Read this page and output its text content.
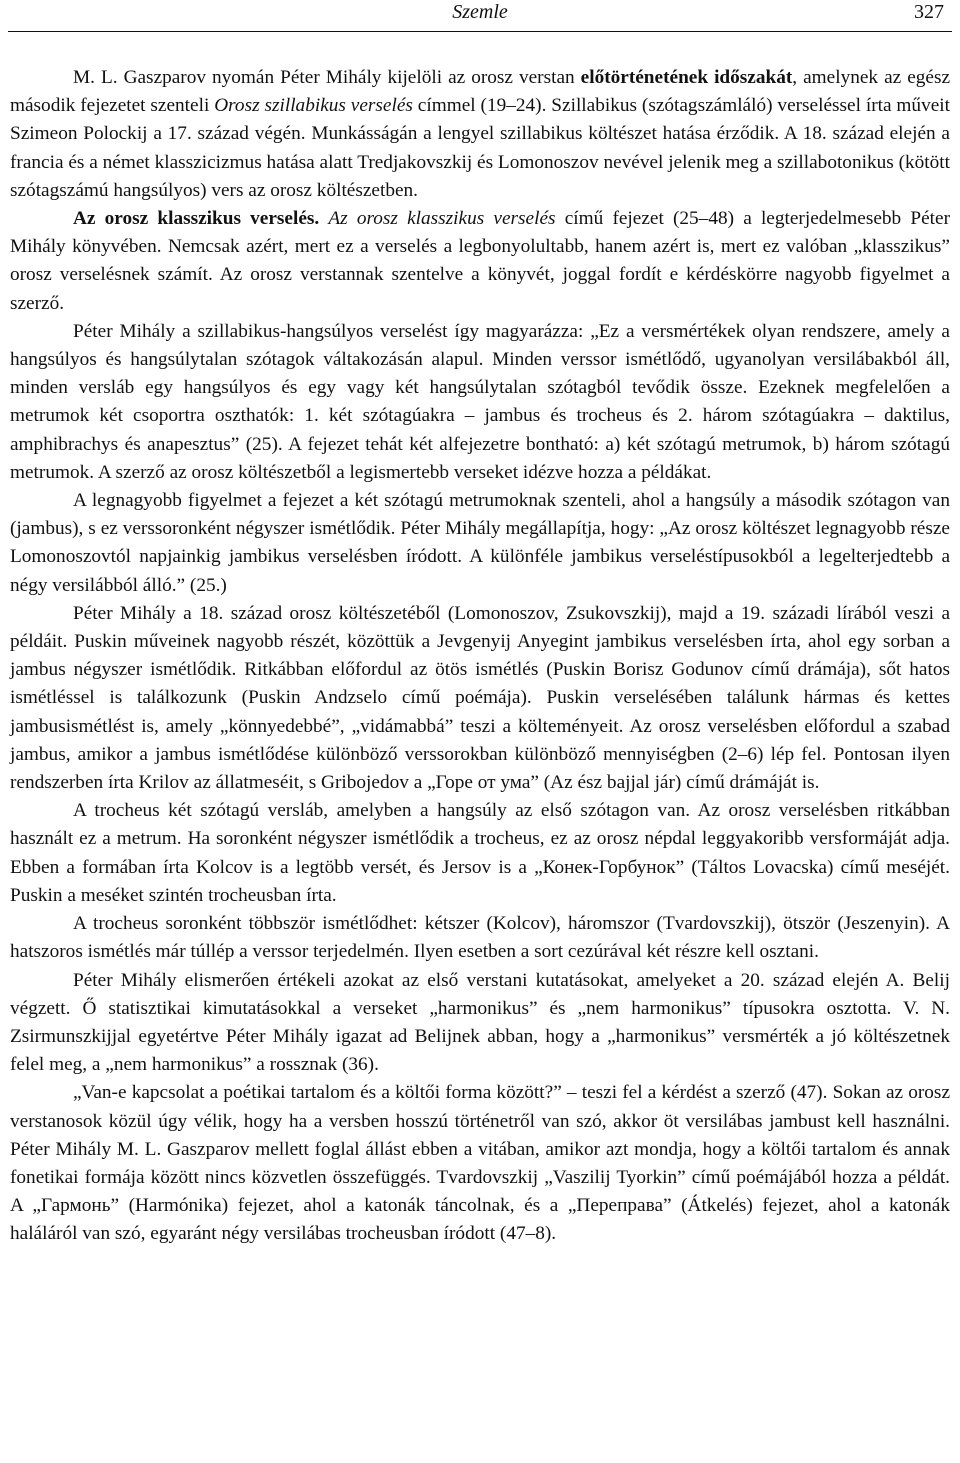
Szemle	327

M. L. Gaszparov nyomán Péter Mihály kijelöli az orosz verstan előtörténetének időszakát, amelynek az egész második fejezetet szenteli Orosz szillabikus verselés címmel (19–24). Szillabikus (szótagszámláló) verseléssel írta műveit Szimeon Polockij a 17. század végén. Munkásságán a lengyel szillabikus költészet hatása érződik. A 18. század elején a francia és a német klasszicizmus hatása alatt Tredjakovszkij és Lomonoszov nevével jelenik meg a szillabotonikus (kötött szótagszámú hangsúlyos) vers az orosz költészetben.

Az orosz klasszikus verselés. Az orosz klasszikus verselés című fejezet (25–48) a legterjedelmesebb Péter Mihály könyvében. Nemcsak azért, mert ez a verselés a legbonyolultabb, hanem azért is, mert ez valóban „klasszikus” orosz verselésnek számít. Az orosz verstannak szentelve a könyvét, joggal fordít e kérdéskörre nagyobb figyelmet a szerző.

Péter Mihály a szillabikus-hangsúlyos verselést így magyarázza: „Ez a versmértékek olyan rendszere, amely a hangsúlyos és hangsúlytalan szótagok váltakozásán alapul. Minden verssor ismétlődő, ugyanolyan versilábakból áll, minden versláb egy hangsúlyos és egy vagy két hangsúlytalan szótagból tevődik össze. Ezeknek megfelelően a metrumok két csoportra oszthatók: 1. két szótagúakra – jambus és trocheus és 2. három szótagúakra – daktilus, amphibrachys és anapesztus” (25). A fejezet tehát két alfejezetre bontható: a) két szótagú metrumok, b) három szótagú metrumok. A szerző az orosz költészetből a legismertebb verseket idézve hozza a példákat.

A legnagyobb figyelmet a fejezet a két szótagú metrumoknak szenteli, ahol a hangsúly a második szótagon van (jambus), s ez verssoronként négyszer ismétlődik. Péter Mihály megállapítja, hogy: „Az orosz költészet legnagyobb része Lomonoszovtól napjainkig jambikus verselésben íródott. A különféle jambikus verseléstípusokból a legelterjedtebb a négy versilábból álló.” (25.)

Péter Mihály a 18. század orosz költészetéből (Lomonoszov, Zsukovszkij), majd a 19. századi lírából veszi a példáit. Puskin műveinek nagyobb részét, közöttük a Jevgenyij Anyegint jambikus verselésben írta, ahol egy sorban a jambus négyszer ismétlődik. Ritkábban előfordul az ötös ismétlés (Puskin Borisz Godunov című drámája), sőt hatos ismétléssel is találkozunk (Puskin Andzselo című poémája). Puskin verselésében találunk hármas és kettes jambusismétlést is, amely „könnyedebbé”, „vidámabbá” teszi a költeményeit. Az orosz verselésben előfordul a szabad jambus, amikor a jambus ismétlődése különböző verssorokban különböző mennyiségben (2–6) lép fel. Pontosan ilyen rendszerben írta Krilov az állatmeséit, s Gribojedov a „Горе от ума” (Az ész bajjal jár) című drámáját is.

A trocheus két szótagú versláb, amelyben a hangsúly az első szótagon van. Az orosz verselésben ritkábban használt ez a metrum. Ha soronként négyszer ismétlődik a trocheus, ez az orosz népdal leggyakoribb versformáját adja. Ebben a formában írta Kolcov is a legtöbb versét, és Jersov is a „Конек-Горбунок” (Táltos Lovacska) című meséjét. Puskin a meséket szintén trocheusban írta.

A trocheus soronként többször ismétlődhet: kétszer (Kolcov), háromszor (Tvardovszkij), ötször (Jeszenyin). A hatszoros ismétlés már túllép a verssor terjedelmén. Ilyen esetben a sort cezúrával két részre kell osztani.

Péter Mihály elismerően értékeli azokat az első verstani kutatásokat, amelyeket a 20. század elején A. Belij végzett. Ő statisztikai kimutatásokkal a verseket „harmonikus” és „nem harmonikus” típusokra osztotta. V. N. Zsirmunszkijjal egyetértve Péter Mihály igazat ad Belijnek abban, hogy a „harmonikus” versmérték a jó költészetnek felel meg, a „nem harmonikus” a rossznak (36).

„Van-e kapcsolat a poétikai tartalom és a költői forma között?” – teszi fel a kérdést a szerző (47). Sokan az orosz verstanosok közül úgy vélik, hogy ha a versben hosszú történetről van szó, akkor öt versilábas jambust kell használni. Péter Mihály M. L. Gaszparov mellett foglal állást ebben a vitában, amikor azt mondja, hogy a költői tartalom és annak fonetikai formája között nincs közvetlen összefüggés. Tvardovszkij „Vaszilij Tyorkin” című poémájából hozza a példát. A „Гармонь” (Harmónika) fejezet, ahol a katonák táncolnak, és a „Переправа” (Átkelés) fejezet, ahol a katonák haláláról van szó, egyaránt négy versilábas trocheusban íródott (47–8).
